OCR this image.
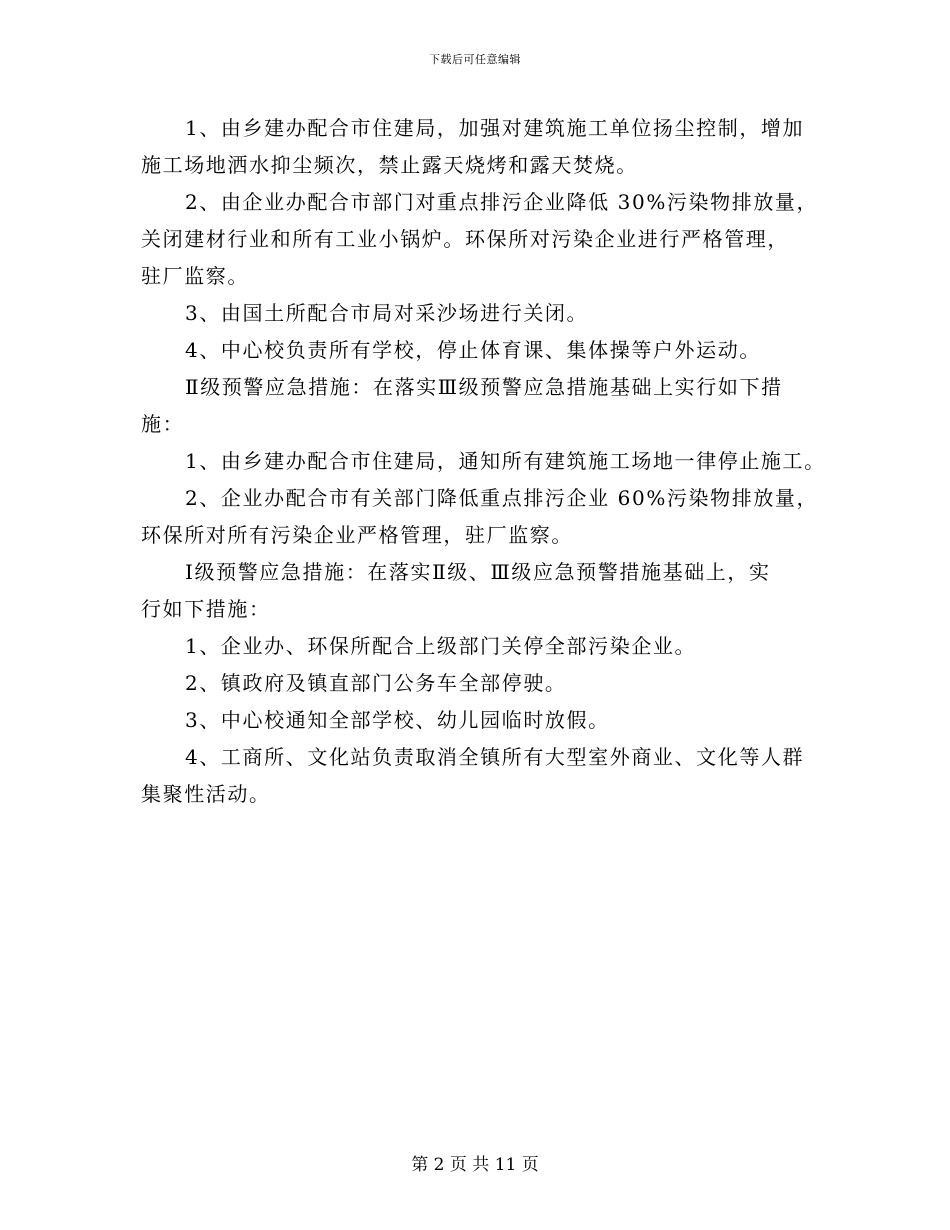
下载后可任意编辑

1、由乡建办配合市住建局，加强对建筑施工单位扬尘控制，增加
施工场地洒水抑尘频次，禁止露天烧烤和露天焚烧。

2、由企业办配合市部门对重点排污企业降低 30%污染物排放量，
关闭建材行业和所有工业小锅炉。环保所对污染企业进行严格管理，
驻厂监察。

3、由国土所配合市局对采沙场进行关闭。

4、中心校负责所有学校，停止体育课、集体操等户外运动。

Ⅱ级预警应急措施：在落实Ⅲ级预警应急措施基础上实行如下措
施：

1、由乡建办配合市住建局，通知所有建筑施工场地一律停止施工。

2、企业办配合市有关部门降低重点排污企业 60%污染物排放量，
环保所对所有污染企业严格管理，驻厂监察。

Ⅰ级预警应急措施：在落实Ⅱ级、Ⅲ级应急预警措施基础上，实
行如下措施：

1、企业办、环保所配合上级部门关停全部污染企业。

2、镇政府及镇直部门公务车全部停驶。

3、中心校通知全部学校、幼儿园临时放假。

4、工商所、文化站负责取消全镇所有大型室外商业、文化等人群
集聚性活动。

第 2 页 共 11 页
